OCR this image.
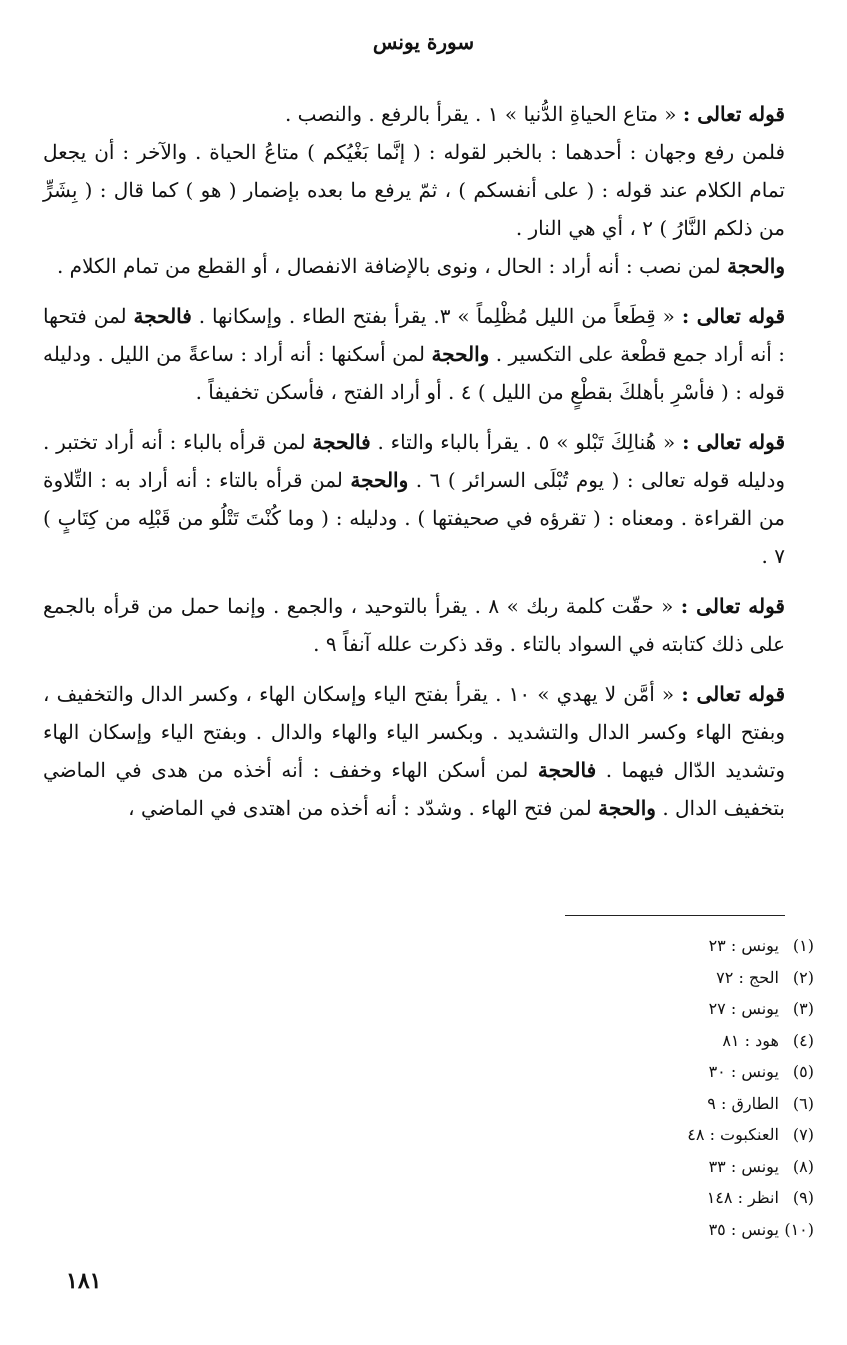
سورة يونس

قوله تعالى : « متاع الحياةِ الدُّنيا » ١ . يقرأ بالرفع . والنصب .
فلمن رفع وجهان : أحدهما : بالخبر لقوله : ( إنَّما بَغْيُكم ) متاعُ الحياة . والآخر : أن يجعل تمام الكلام عند قوله : ( على أنفسكم ) ، ثمّ يرفع ما بعده بإضمار ( هو ) كما قال : ( بِشَرٍّ من ذلكم النَّارُ ) ٢ ، أي هي النار .
والحجة لمن نصب : أنه أراد : الحال ، ونوى بالإضافة الانفصال ، أو القطع من تمام الكلام .

قوله تعالى : « قِطَعاً من الليل مُظْلِماً » ٣. يقرأ بفتح الطاء . وإسكانها . فالحجة لمن فتحها : أنه أراد جمع قطْعة على التكسير . والحجة لمن أسكنها : أنه أراد : ساعةً من الليل . ودليله قوله : ( فأسْرِ بأهلكَ بقطْعٍ من الليل ) ٤ . أو أراد الفتح ، فأسكن تخفيفاً .

قوله تعالى : « هُنالِكَ تَبْلو » ٥ . يقرأ بالباء والتاء . فالحجة لمن قرأه بالباء : أنه أراد تختبر . ودليله قوله تعالى : ( يوم تُبْلَى السرائر ) ٦ . والحجة لمن قرأه بالتاء : أنه أراد به : التِّلاوة من القراءة . ومعناه : ( تقرؤه في صحيفتها ) . ودليله : ( وما كُنْتَ تَتْلُو من قَبْلِه من كِتَابٍ ) ٧ .

قوله تعالى : « حقّت كلمة ربك » ٨ . يقرأ بالتوحيد ، والجمع . وإنما حمل من قرأه بالجمع على ذلك كتابته في السواد بالتاء . وقد ذكرت علله آنفاً ٩ .

قوله تعالى : « أمَّن لا يهدي » ١٠ . يقرأ بفتح الياء وإسكان الهاء ، وكسر الدال والتخفيف ، وبفتح الهاء وكسر الدال والتشديد . وبكسر الياء والهاء والدال . وبفتح الياء وإسكان الهاء وتشديد الدّال فيهما . فالحجة لمن أسكن الهاء وخفف : أنه أخذه من هدى في الماضي بتخفيف الدال . والحجة لمن فتح الهاء . وشدّد : أنه أخذه من اهتدى في الماضي ،

(١) يونس : ٢٣
(٢) الحج : ٧٢
(٣) يونس : ٢٧
(٤) هود : ٨١
(٥) يونس : ٣٠
(٦) الطارق : ٩
(٧) العنكبوت : ٤٨
(٨) يونس : ٣٣
(٩) انظر : ١٤٨
(١٠) يونس : ٣٥
١٨١
